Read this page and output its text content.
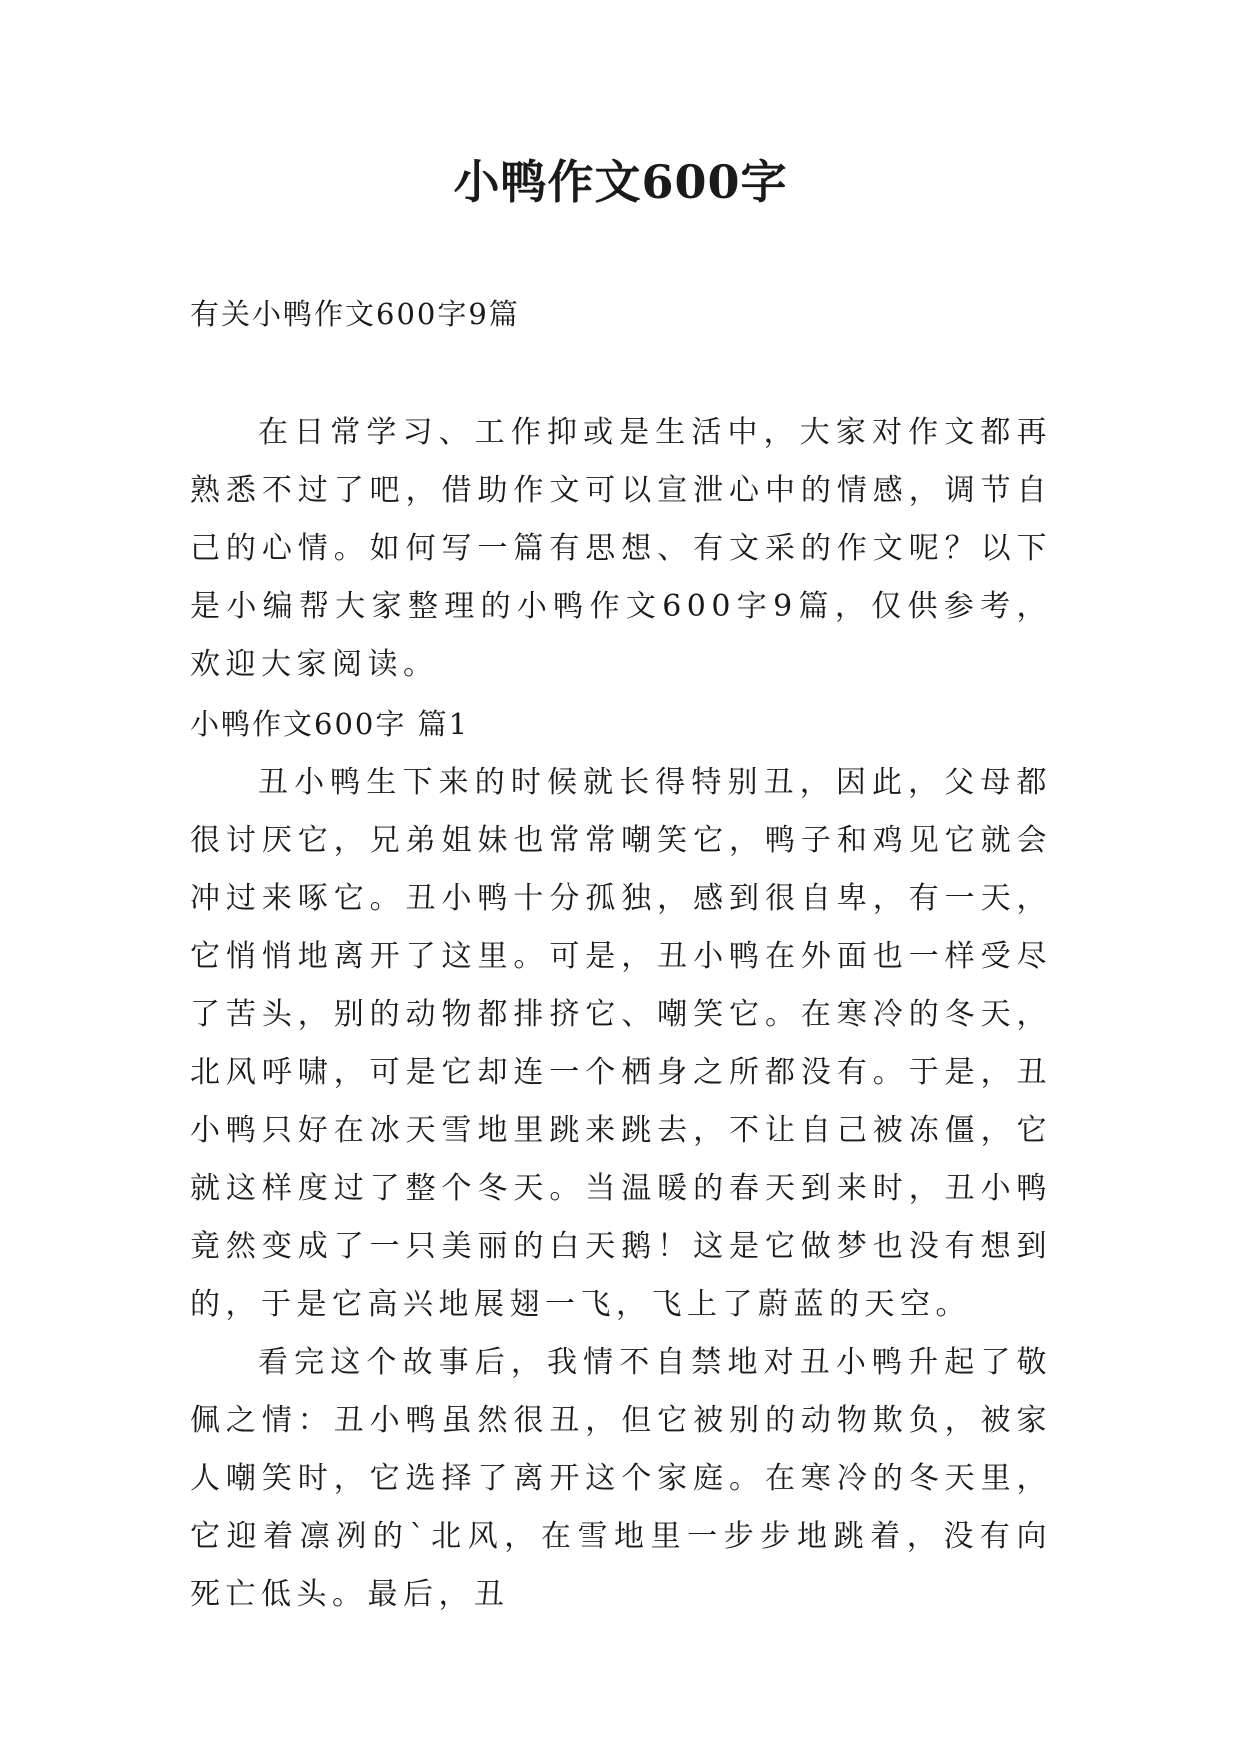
小鸭作文600字
有关小鸭作文600字9篇

在日常学习、工作抑或是生活中，大家对作文都再熟悉不过了吧，借助作文可以宣泄心中的情感，调节自己的心情。如何写一篇有思想、有文采的作文呢？以下是小编帮大家整理的小鸭作文600字9篇，仅供参考，欢迎大家阅读。

小鸭作文600字 篇1

丑小鸭生下来的时候就长得特别丑，因此，父母都很讨厌它，兄弟姐妹也常常嘲笑它，鸭子和鸡见它就会冲过来啄它。丑小鸭十分孤独，感到很自卑，有一天，它悄悄地离开了这里。可是，丑小鸭在外面也一样受尽了苦头，别的动物都排挤它、嘲笑它。在寒冷的冬天，北风呼啸，可是它却连一个栖身之所都没有。于是，丑小鸭只好在冰天雪地里跳来跳去，不让自己被冻僵，它就这样度过了整个冬天。当温暖的春天到来时，丑小鸭竟然变成了一只美丽的白天鹅！这是它做梦也没有想到的，于是它高兴地展翅一飞，飞上了蔚蓝的天空。

看完这个故事后，我情不自禁地对丑小鸭升起了敬佩之情：丑小鸭虽然很丑，但它被别的动物欺负，被家人嘲笑时，它选择了离开这个家庭。在寒冷的冬天里，它迎着凛冽的`北风，在雪地里一步步地跳着，没有向死亡低头。最后，丑
